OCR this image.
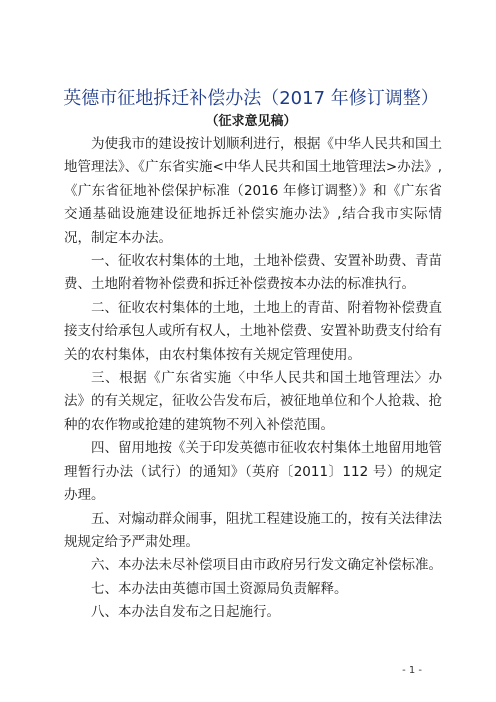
英德市征地拆迁补偿办法（2017 年修订调整）
（征求意见稿）

为使我市的建设按计划顺利进行，根据《中华人民共和国土地管理法》、《广东省实施<中华人民共和国土地管理法>办法》,《广东省征地补偿保护标准（2016 年修订调整）》和《广东省交通基础设施建设征地拆迁补偿实施办法》,结合我市实际情况，制定本办法。

一、征收农村集体的土地，土地补偿费、安置补助费、青苗费、土地附着物补偿费和拆迁补偿费按本办法的标准执行。

二、征收农村集体的土地，土地上的青苗、附着物补偿费直接支付给承包人或所有权人，土地补偿费、安置补助费支付给有关的农村集体，由农村集体按有关规定管理使用。

三、根据《广东省实施〈中华人民共和国土地管理法〉办法》的有关规定，征收公告发布后，被征地单位和个人抢栽、抢种的农作物或抢建的建筑物不列入补偿范围。

四、留用地按《关于印发英德市征收农村集体土地留用地管理暂行办法（试行）的通知》（英府〔2011〕112 号）的规定办理。

五、对煽动群众闹事，阻扰工程建设施工的，按有关法律法规规定给予严肃处理。

六、本办法未尽补偿项目由市政府另行发文确定补偿标准。

七、本办法由英德市国土资源局负责解释。

八、本办法自发布之日起施行。

- 1 -
